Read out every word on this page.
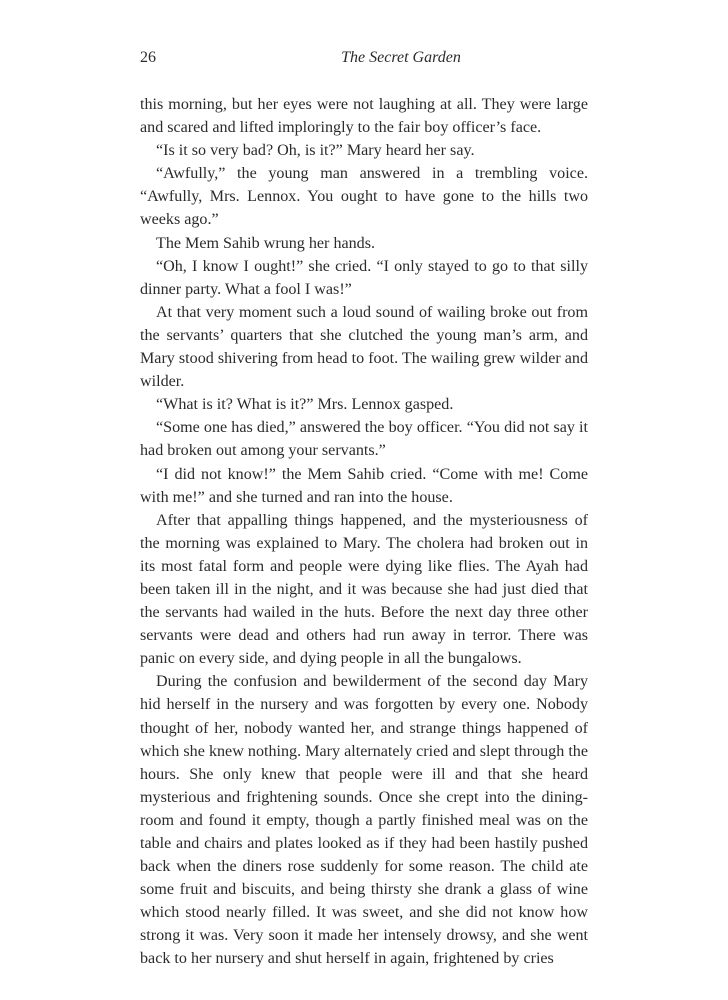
26	The Secret Garden

this morning, but her eyes were not laughing at all. They were large and scared and lifted imploringly to the fair boy officer’s face.

“Is it so very bad? Oh, is it?” Mary heard her say.

“Awfully,” the young man answered in a trembling voice. “Awfully, Mrs. Lennox. You ought to have gone to the hills two weeks ago.”

The Mem Sahib wrung her hands.

“Oh, I know I ought!” she cried. “I only stayed to go to that silly dinner party. What a fool I was!”

At that very moment such a loud sound of wailing broke out from the servants’ quarters that she clutched the young man’s arm, and Mary stood shivering from head to foot. The wailing grew wilder and wilder.

“What is it? What is it?” Mrs. Lennox gasped.

“Some one has died,” answered the boy officer. “You did not say it had broken out among your servants.”

“I did not know!” the Mem Sahib cried. “Come with me! Come with me!” and she turned and ran into the house.

After that appalling things happened, and the mysteriousness of the morning was explained to Mary. The cholera had broken out in its most fatal form and people were dying like flies. The Ayah had been taken ill in the night, and it was because she had just died that the servants had wailed in the huts. Before the next day three other servants were dead and others had run away in terror. There was panic on every side, and dying people in all the bungalows.

During the confusion and bewilderment of the second day Mary hid herself in the nursery and was forgotten by every one. Nobody thought of her, nobody wanted her, and strange things happened of which she knew nothing. Mary alternately cried and slept through the hours. She only knew that people were ill and that she heard mysterious and frightening sounds. Once she crept into the dining-room and found it empty, though a partly finished meal was on the table and chairs and plates looked as if they had been hastily pushed back when the diners rose suddenly for some reason. The child ate some fruit and biscuits, and being thirsty she drank a glass of wine which stood nearly filled. It was sweet, and she did not know how strong it was. Very soon it made her intensely drowsy, and she went back to her nursery and shut herself in again, frightened by cries
